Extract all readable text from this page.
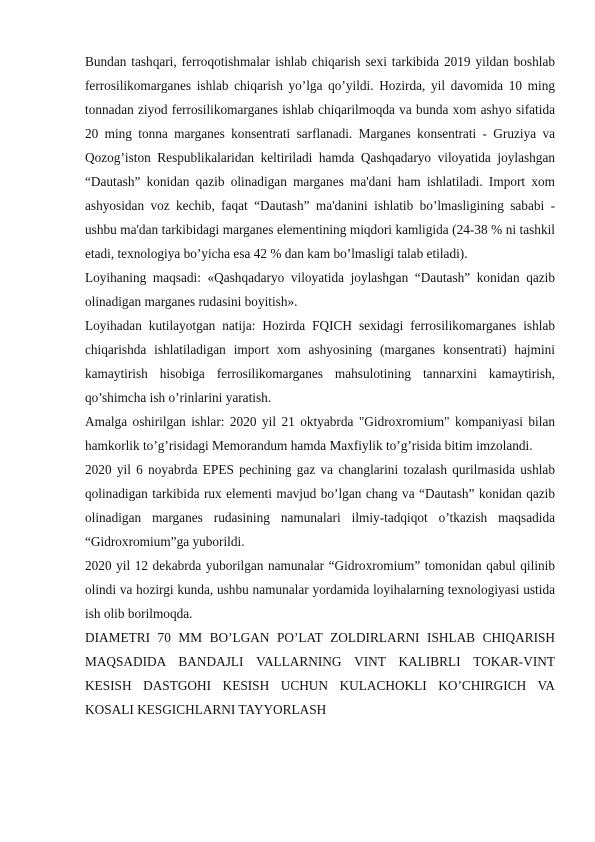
Bundan tashqari, ferroqotishmalar ishlab chiqarish sexi tarkibida 2019 yildan boshlab ferrosilikomarganes ishlab chiqarish yo’lga qo’yildi. Hozirda, yil davomida 10 ming tonnadan ziyod ferrosilikomarganes ishlab chiqarilmoqda va bunda xom ashyo sifatida 20 ming tonna marganes konsentrati sarflanadi. Marganes konsentrati - Gruziya va Qozog’iston Respublikalaridan keltiriladi hamda Qashqadaryo viloyatida joylashgan “Dautash” konidan qazib olinadigan marganes ma'dani ham ishlatiladi. Import xom ashyosidan voz kechib, faqat “Dautash” ma'danini ishlatib bo’lmasligining sababi - ushbu ma'dan tarkibidagi marganes elementining miqdori kamligida (24-38 % ni tashkil etadi, texnologiya bo’yicha esa 42 % dan kam bo’lmasligi talab etiladi).

Loyihaning maqsadi: «Qashqadaryo viloyatida joylashgan “Dautash” konidan qazib olinadigan marganes rudasini boyitish».

Loyihadan kutilayotgan natija: Hozirda FQICH sexidagi ferrosilikomarganes ishlab chiqarishda ishlatiladigan import xom ashyosining (marganes konsentrati) hajmini kamaytirish hisobiga ferrosilikomarganes mahsulotining tannarxini kamaytirish, qo’shimcha ish o’rinlarini yaratish.

Amalga oshirilgan ishlar: 2020 yil 21 oktyabrda "Gidroxromium" kompaniyasi bilan hamkorlik to’g’risidagi Memorandum hamda Maxfiylik to’g’risida bitim imzolandi.

2020 yil 6 noyabrda EPES pechining gaz va changlarini tozalash qurilmasida ushlab qolinadigan tarkibida rux elementi mavjud bo’lgan chang va “Dautash” konidan qazib olinadigan marganes rudasining namunalari ilmiy-tadqiqot o’tkazish maqsadida “Gidroxromium”ga yuborildi.

2020 yil 12 dekabrda yuborilgan namunalar “Gidroxromium” tomonidan qabul qilinib olindi va hozirgi kunda, ushbu namunalar yordamida loyihalarning texnologiyasi ustida ish olib borilmoqda.

DIAMETRI 70 MM BO’LGAN PO’LAT ZOLDIRLARNI ISHLAB CHIQARISH MAQSADIDA BANDAJLI VALLARNING VINT KALIBRLI TOKAR-VINT KESISH DASTGOHI KESISH UCHUN KULACHOKLI KO’CHIRGICH VA KOSALI KESGICHLARNI TAYYORLASH
